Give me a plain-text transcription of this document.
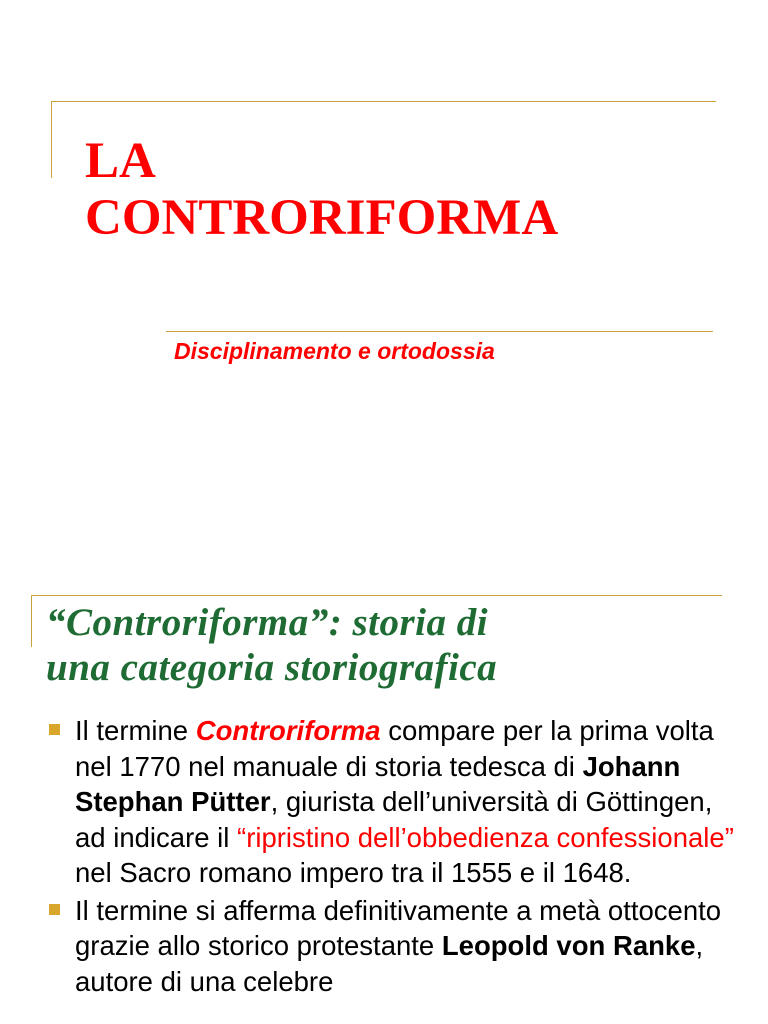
LA
CONTRORIFORMA

Disciplinamento e ortodossia

“Controriforma”: storia di
una categoria storiografica
Il termine Controriforma compare per la prima volta nel 1770 nel manuale di storia tedesca di Johann Stephan Pütter, giurista dell’università di Göttingen, ad indicare il “ripristino dell’obbedienza confessionale” nel Sacro romano impero tra il 1555 e il 1648.
Il termine si afferma definitivamente a metà ottocento grazie allo storico protestante Leopold von Ranke, autore di una celebre
